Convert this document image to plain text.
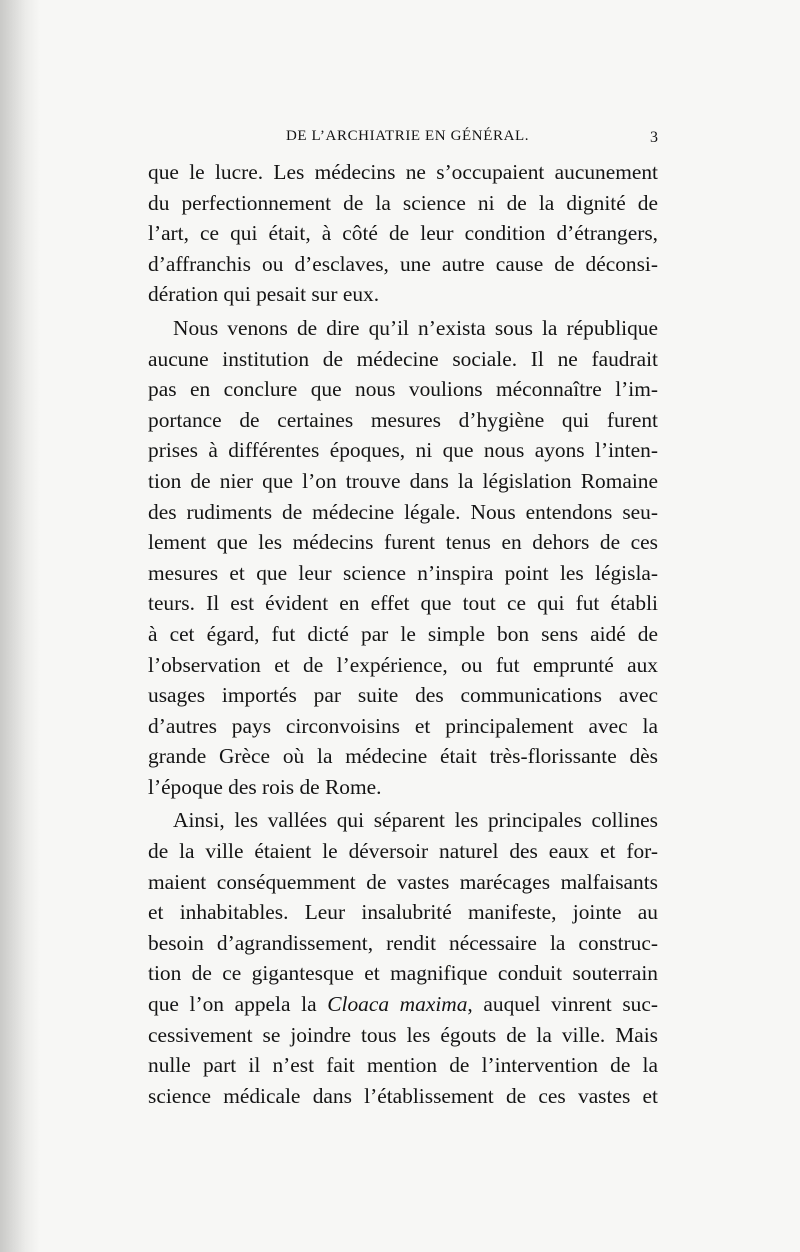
DE L’ARCHIATRIE EN GÉNÉRAL.	3
que le lucre. Les médecins ne s’occupaient aucunement
du perfectionnement de la science ni de la dignité de
l’art, ce qui était, à côté de leur condition d’étrangers,
d’affranchis ou d’esclaves, une autre cause de déconsi-
dération qui pesait sur eux.
Nous venons de dire qu’il n’exista sous la république
aucune institution de médecine sociale. Il ne faudrait
pas en conclure que nous voulions méconnaître l’im-
portance de certaines mesures d’hygiène qui furent
prises à différentes époques, ni que nous ayons l’inten-
tion de nier que l’on trouve dans la législation Romaine
des rudiments de médecine légale. Nous entendons seu-
lement que les médecins furent tenus en dehors de ces
mesures et que leur science n’inspira point les législa-
teurs. Il est évident en effet que tout ce qui fut établi
à cet égard, fut dicté par le simple bon sens aidé de
l’observation et de l’expérience, ou fut emprunté aux
usages importés par suite des communications avec
d’autres pays circonvoisins et principalement avec la
grande Grèce où la médecine était très-florissante dès
l’époque des rois de Rome.
Ainsi, les vallées qui séparent les principales collines
de la ville étaient le déversoir naturel des eaux et for-
maient conséquemment de vastes marécages malfaisants
et inhabitables. Leur insalubrité manifeste, jointe au
besoin d’agrandissement, rendit nécessaire la construc-
tion de ce gigantesque et magnifique conduit souterrain
que l’on appela la Cloaca maxima, auquel vinrent suc-
cessivement se joindre tous les égouts de la ville. Mais
nulle part il n’est fait mention de l’intervention de la
science médicale dans l’établissement de ces vastes et
